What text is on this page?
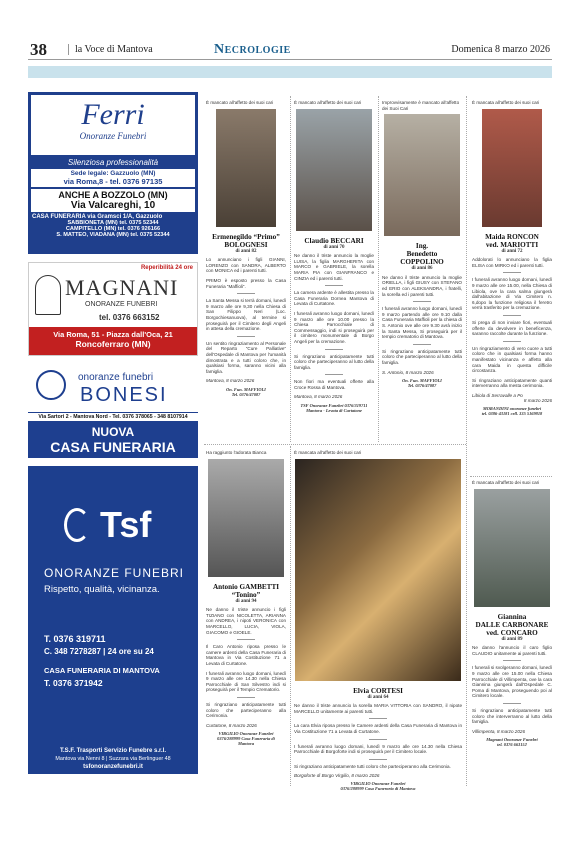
38	la Voce di Mantova	Necrologie	Domenica 8 marzo 2026
Ferri
Onoranze Funebri
Silenziosa professionalità
Sede legale: Gazzuolo (MN)
via Roma,8 - tel. 0376 97135
ANCHE A BOZZOLO (MN)
Via Valcareghi, 10
CASA FUNERARIA via Gramsci 1/A, Gazzuolo
SABBIONETA (MN) tel. 0375 52344
CAMPITELLO (MN) tel. 0376 926166
S. MATTEO, VIADANA (MN) tel. 0375 52344
Reperibilità 24 ore
MAGNANI
ONORANZE FUNEBRI
tel. 0376 663152
Via Roma, 51 - Piazza dall'Oca, 21
Roncoferraro (MN)
onoranze funebri
BONESI
Via Sartori 2 - Mantova Nord - Tel. 0376 378065 - 348 8107914
NUOVA
CASA FUNERARIA
Tsf
ONORANZE FUNEBRI
Rispetto, qualità, vicinanza.
T. 0376 319711
C. 348 7278287 | 24 ore su 24
CASA FUNERARIA DI MANTOVA
T. 0376 371942
T.S.F. Trasporti Servizio Funebre s.r.l.
Mantova via Nenni 8 | Suzzara via Berlinguer 48
tsfonoranzefunebri.it
È mancato all'affetto dei suoi cari
Ermenegildo “Primo”
BOLOGNESI
di anni 82
Lo annunciano i figli GIANNI, LORENZO con SANDRA, ALBERTO con MONICA ed i parenti tutti.
PRIMO è esposto presso la Casa Funeraria “Maffioli”.
La Santa Messa si terrà domani, lunedì 9 marzo alle ore 9,30 nella Chiesa di San Filippo Neri (Loc. Borgochiesanuova), al termine si proseguirà per il Cimitero degli Angeli in attesa della cremazione.
Un sentito ringraziamento al Personale del Reparto “Cure Palliative” dell'Ospedale di Mantova per l'umanità dimostrata e a tutti coloro che, in qualsiasi forma, saranno vicini alla famiglia.
Mantova, 8 marzo 2026
On. Fun. MAFFIOLI
Tel. 0376/47087
È mancato all'affetto dei suoi cari
Claudio BECCARI
di anni 70
Ne danno il triste annuncio la moglie LUISA, la figlia MARGHERITA con MARCO e GABRIELE, la sorella MARIA PIA con GIANFRANCO e CINZIA ed i parenti tutti.
La camera ardente è allestita presso la Casa Funeraria Dornea Mantova di Levata di Curtatone.
I funerali avranno luogo domani, lunedì 9 marzo alle ore 10.00 presso la Chiesa Parrocchiale di Commessaggio, indi si proseguirà per il cimitero monumentale di Borgo Angeli per la cremazione.
Si ringraziano anticipatamente tutti coloro che parteciperanno al lutto della famiglia.
Non fiori ma eventuali offerte alla Croce Rossa di Mantova.
Mantova, 8 marzo 2026
TSF Onoranze Funebri 0376/319711
Mantova - Levata di Curtatone
Improvvisamente è mancato all'affetto dei Suoi Cari
Ing.
Benedetto
COPPOLINO
di anni 86
Ne danno il triste annuncio la moglie ORIELLA, i figli GIUSY con STEFANO ed ERIO con ALEKSANDRA, i fratelli, la sorella ed i parenti tutti.
I funerali avranno luogo domani, lunedì 9 marzo partendo alle ore 9.10 dalla Casa Funeraria Maffioli per la chiesa di S. Antonio ove alle ore 9.30 avrà inizio la Santa Messa, Si proseguirà per il tempio crematorio di Mantova.
Si ringraziano anticipatamente tutti coloro che parteciperanno al lutto della famiglia.
S. Antonio, 8 marzo 2026
On. Fun. MAFFIOLI
Tel. 0376/47087
È mancata all'affetto dei suoi cari
Maida RONCON
ved. MARIOTTI
di anni 72
Addolorati lo annunciano la figlia ELISA con MIRKO ed i parenti tutti.
I funerali avranno luogo domani, lunedì 9 marzo alle ore 15.00, nella Chiesa di Libiola, ove la cara salma giungerà dall'abitazione di Via Cimitero n. 6,dopo la funzione religiosa il feretro verrà trasferito per la cremazione.
Si prega di non inviare fiori, eventuali offerte da devolvere in beneficenza, saranno raccolte durante la funzione.
Un ringraziamento di vero cuore a tutti coloro che in qualsiasi forma hanno manifestato vicinanza e affetto alla cara Maida in questa difficile circostanza.
Si ringraziano anticipatamente quanti interverranno alla mesta cerimonia.
Libiola di Serravalle a Po
8 marzo 2026
MORANDINI onoranze funebri
tel. 0386-43181 cell. 335 5169818
Ha raggiunto l'adorata Bianca
Antonio GAMBETTI
“Tonino”
di anni 94
Ne danno il triste annuncio i figli TIZIANO con NICOLETTA, ARIANNA con ANDREA, i nipoti VERONICA con MARCELLO, LUCIA, VIOLA, GIACOMO e GIOELE.
Il Caro Antonio riposa presso le camere ardenti della Casa Funeraria di Mantova in Via Costituzione 71 a Levata di Curtatone.
I funerali avranno luogo domani, lunedì 9 marzo alle ore 14.30 nella Chiesa Parrocchiale di San Silvestro indi si proseguirà per il Tempio Crematorio.
Si ringraziano anticipatamente tutti coloro che parteciperanno alla Cerimonia.
Curtatone, 8 marzo 2026
VIRGILIO Onoranze Funebri
0376/288999 Casa Funeraria di
Mantova
È mancata all'affetto dei suoi cari
Elvia CORTESI
di anni 64
Ne danno il triste annuncio la sorella MARIA VITTORIA con SANDRO, il nipote MARCELLO unitamente ai parenti tutti.
La cara Elvia riposa presso le Camere ardenti della Casa Funeraria di Mantova in Via Costituzione 71 a Levata di Curtatone.
I funerali avranno luogo domani, lunedì 9 marzo alle ore 14.30 nella Chiesa Parrocchiale di Borgoforte indi si proseguirà per il Cimitero locale.
Si ringraziano anticipatamente tutti coloro che parteciperanno alla Cerimonia.
Borgoforte di Borgo Virgilio, 8 marzo 2026
VIRGILIO Onoranze Funebri
0376/288999 Casa Funeraria di Mantova
È mancata all'affetto dei suoi cari
Giannina
DALLE CARBONARE
ved. CONCARO
di anni 89
Ne danno l'annuncio il caro figlio CLAUDIO unitamente ai parenti tutti.
I funerali si svolgeranno domani, lunedì 9 marzo alle ore 15.00 nella Chiesa Parrocchiale di Villimpenta, ove la cara Giannina giungerà dall'Ospedale C. Poma di Mantova, proseguendo poi al Cimitero locale.
Si ringraziano anticipatamente tutti coloro che interverranno al lutto della famiglia.
Villimpenta, 8 marzo 2026
Magnani Onoranze Funebri
tel. 0376 663152
